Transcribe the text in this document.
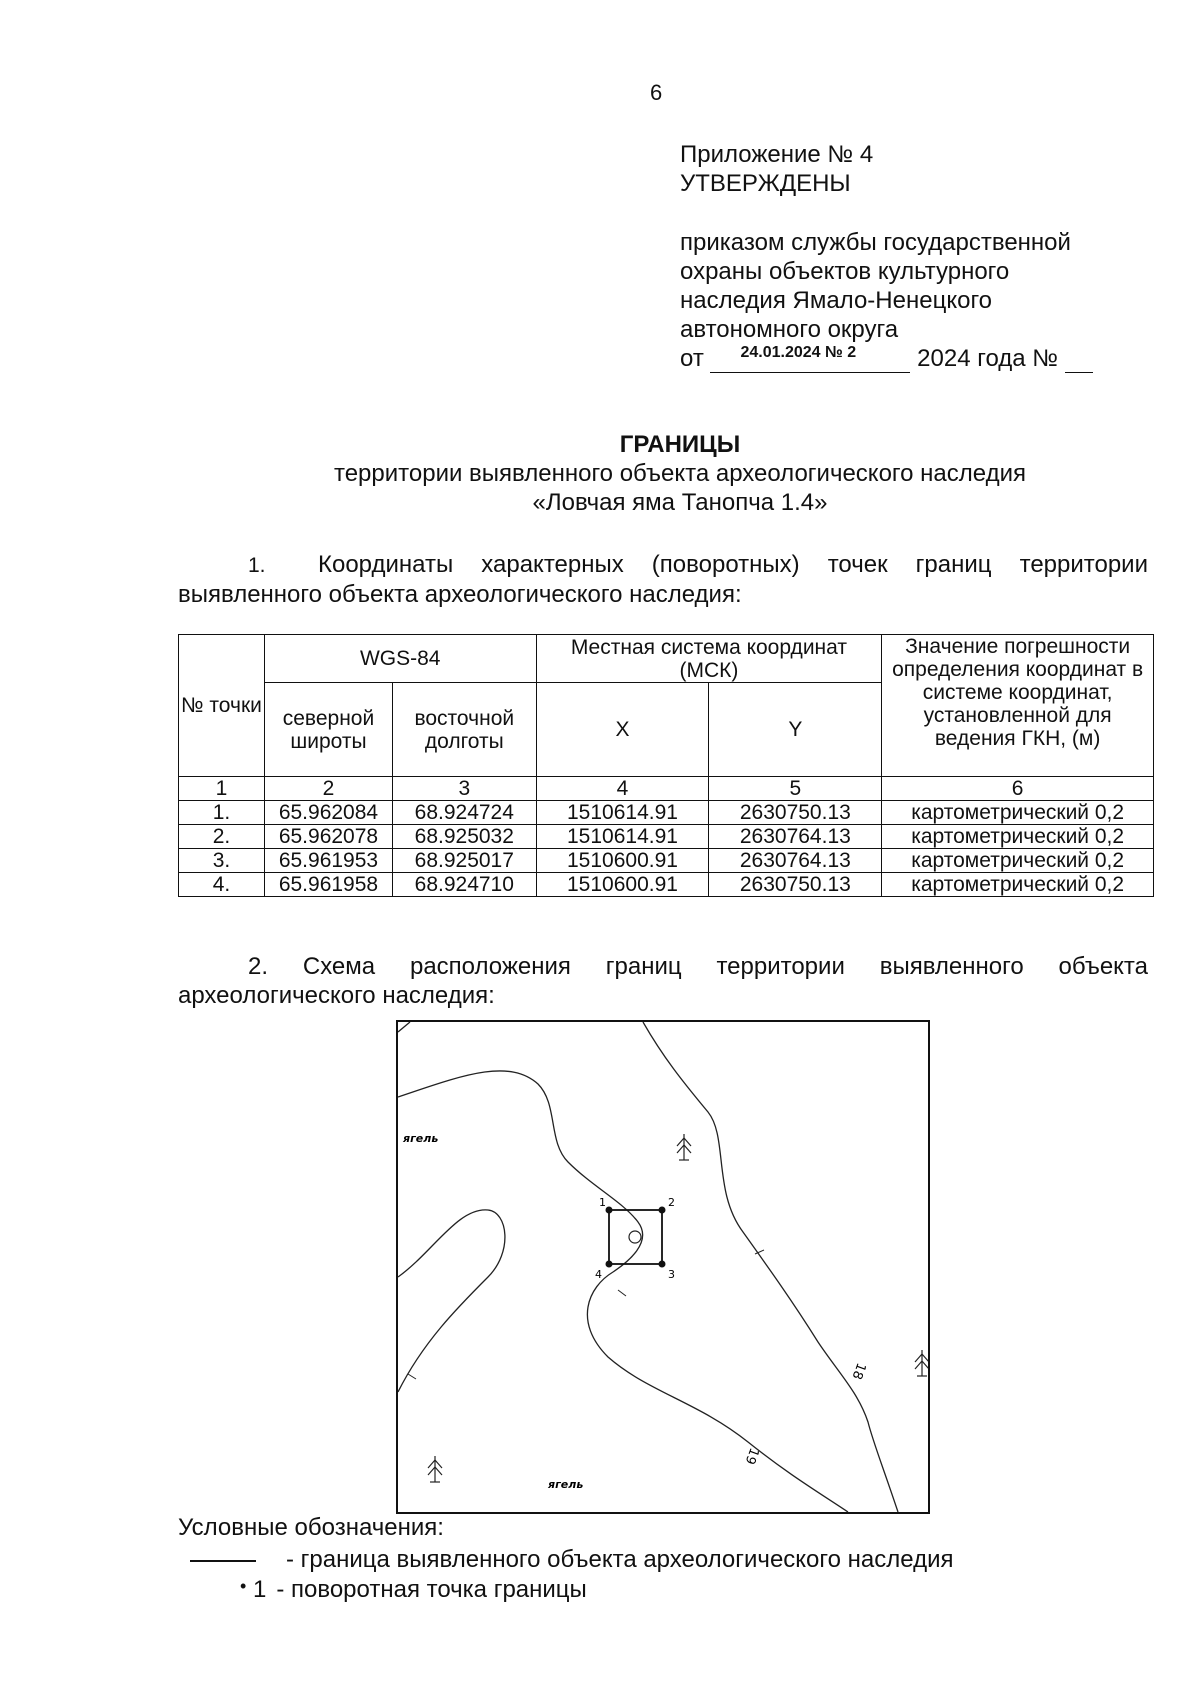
6
Приложение № 4
УТВЕРЖДЕНЫ
приказом службы государственной
охраны объектов культурного
наследия Ямало-Ненецкого
автономного округа
от 24.01.2024 № 2	2024 года №
ГРАНИЦЫ
территории выявленного объекта археологического наследия
«Ловчая яма Танопча 1.4»
1. Координаты характерных (поворотных) точек границ территории
выявленного объекта археологического наследия:
№ точки	WGS-84		Местная система координат (МСК)		Значение погрешности определения координат в системе координат, установленной для ведения ГКН, (м)
	северной широты	восточной долготы	X	Y	
1	2	3	4	5	6
1.	65.962084	68.924724	1510614.91	2630750.13	картометрический 0,2
2.	65.962078	68.925032	1510614.91	2630764.13	картометрический 0,2
3.	65.961953	68.925017	1510600.91	2630764.13	картометрический 0,2
4.	65.961958	68.924710	1510600.91	2630750.13	картометрический 0,2
2. Схема расположения границ территории выявленного объекта
археологического наследия:
1	2
3
4
ягель
ягель
18
19
Условные обозначения:
- граница выявленного объекта археологического наследия
• 1 - поворотная точка границы
